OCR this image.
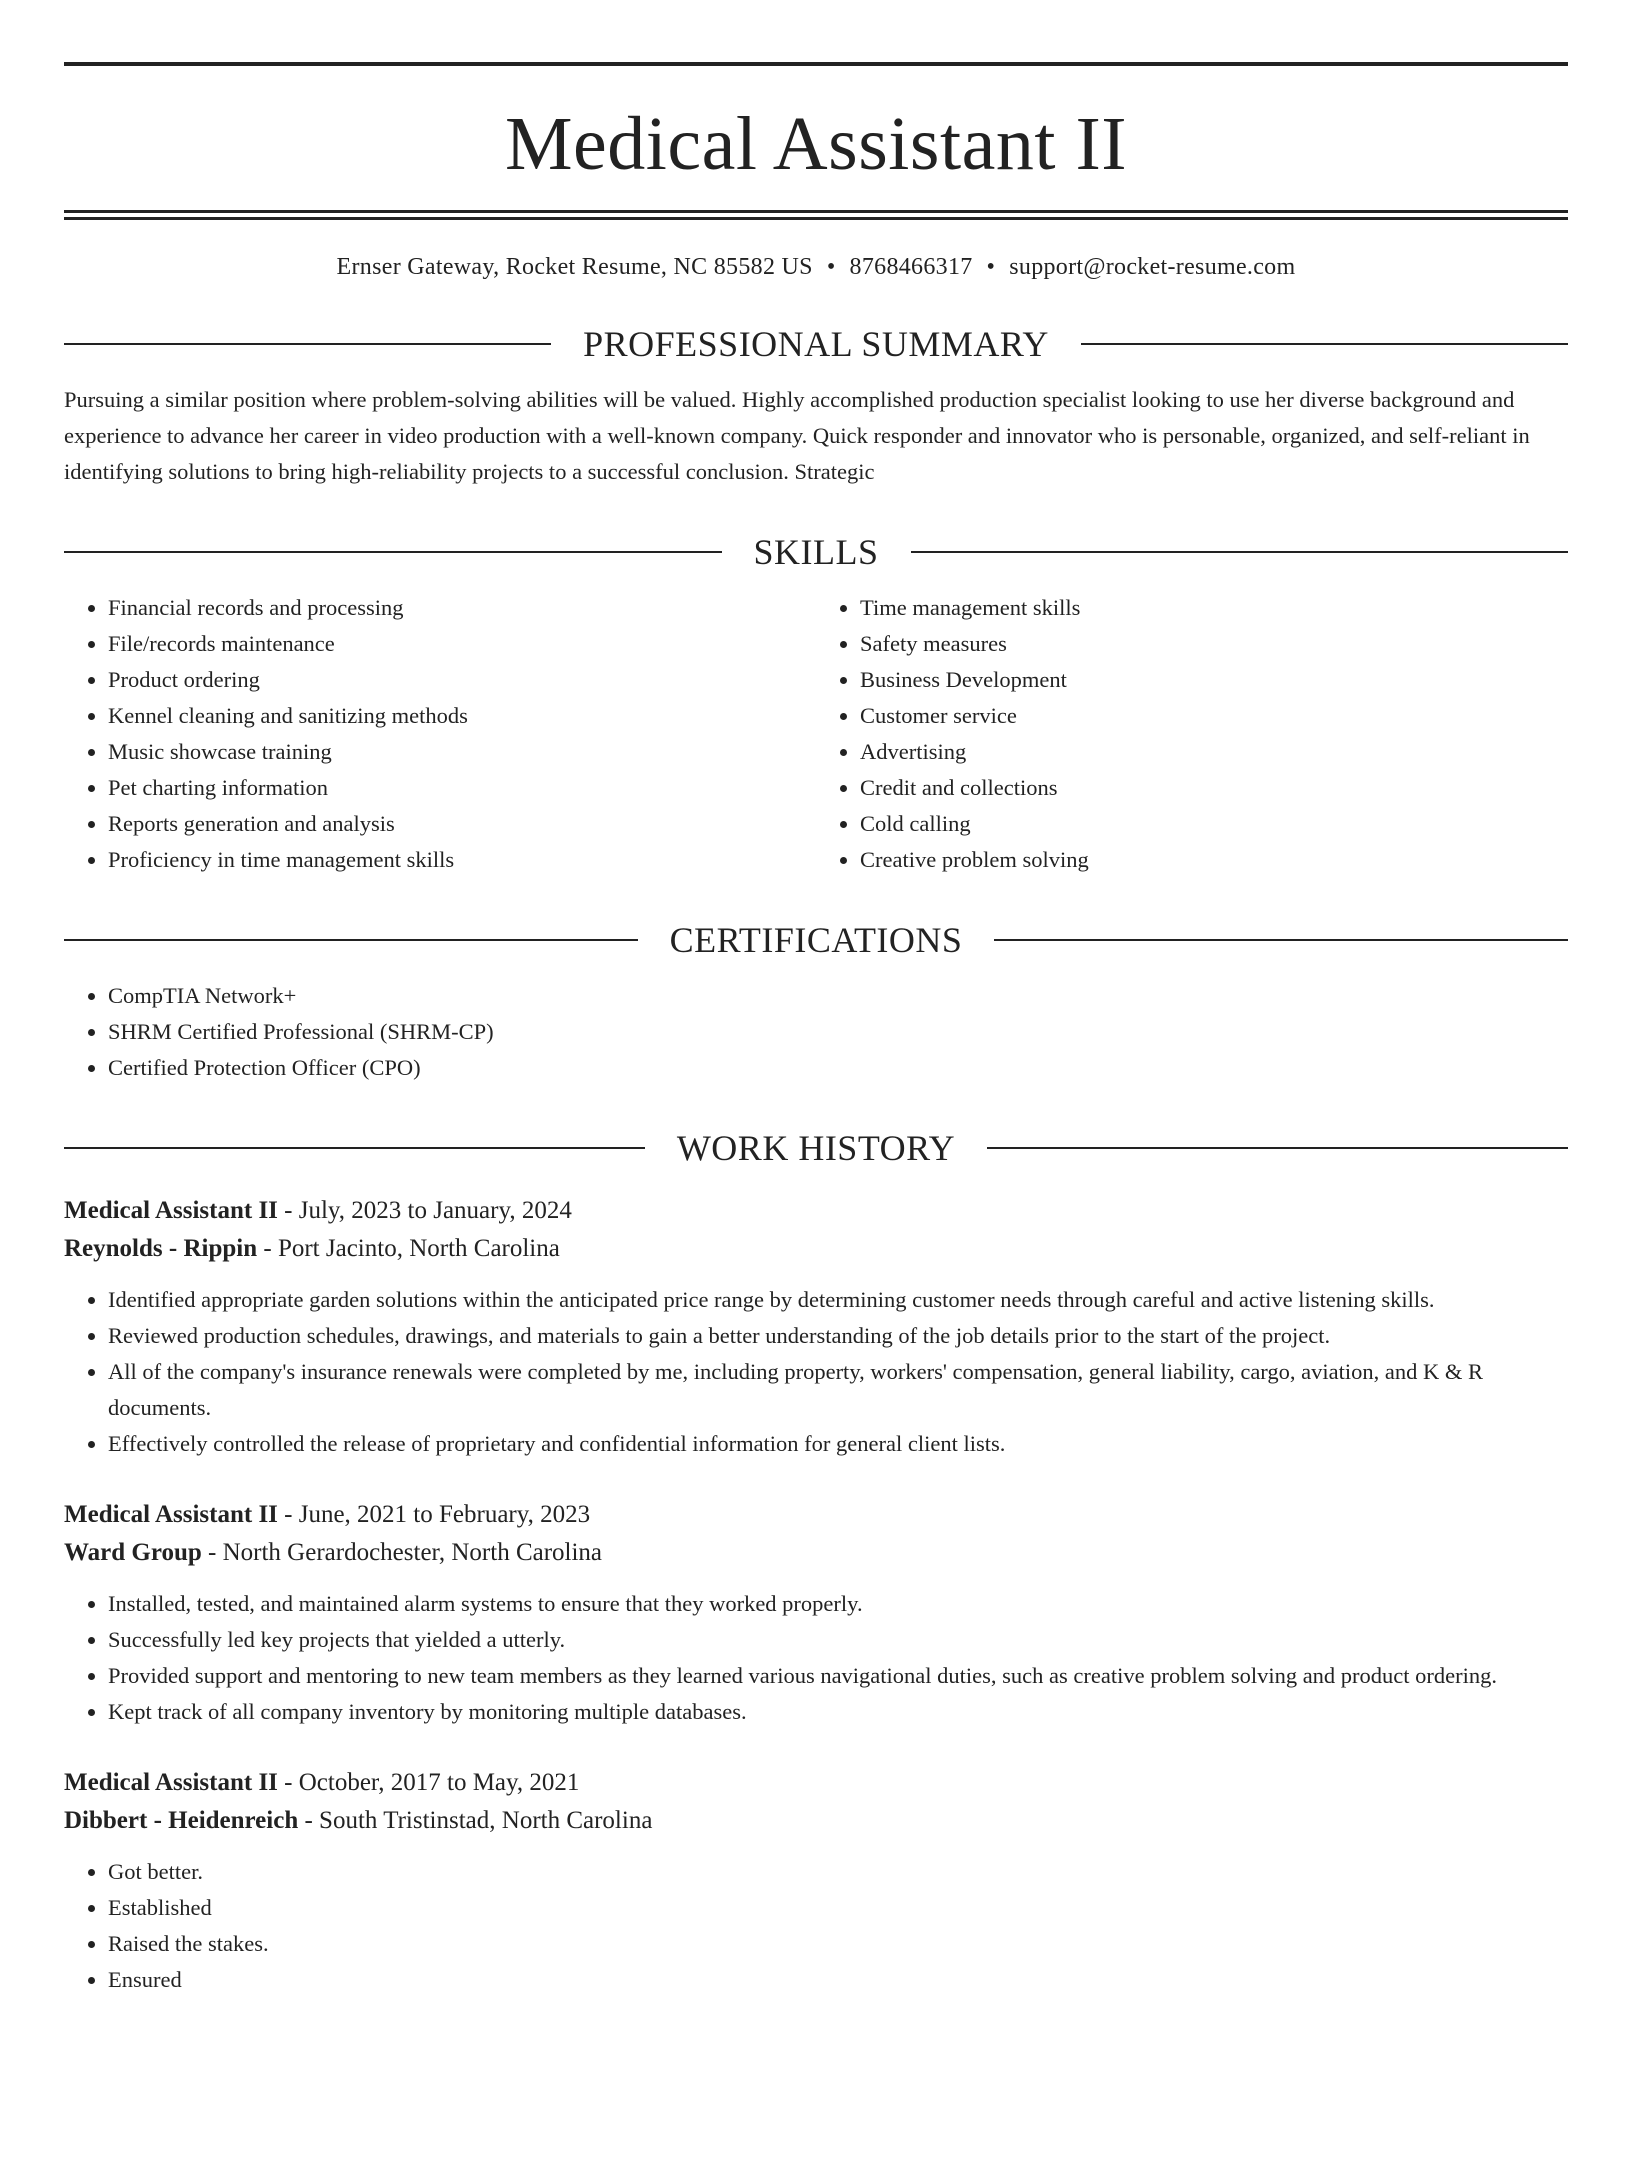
Medical Assistant II
Ernser Gateway, Rocket Resume, NC 85582 US • 8768466317 • support@rocket-resume.com
PROFESSIONAL SUMMARY

Pursuing a similar position where problem-solving abilities will be valued. Highly accomplished production specialist looking to use her diverse background and experience to advance her career in video production with a well-known company. Quick responder and innovator who is personable, organized, and self-reliant in identifying solutions to bring high-reliability projects to a successful conclusion. Strategic

SKILLS
• Financial records and processing
• File/records maintenance
• Product ordering
• Kennel cleaning and sanitizing methods
• Music showcase training
• Pet charting information
• Reports generation and analysis
• Proficiency in time management skills
• Time management skills
• Safety measures
• Business Development
• Customer service
• Advertising
• Credit and collections
• Cold calling
• Creative problem solving
CERTIFICATIONS
• CompTIA Network+
• SHRM Certified Professional (SHRM-CP)
• Certified Protection Officer (CPO)
WORK HISTORY
Medical Assistant II - July, 2023 to January, 2024
Reynolds - Rippin - Port Jacinto, North Carolina
• Identified appropriate garden solutions within the anticipated price range by determining customer needs through careful and active listening skills.
• Reviewed production schedules, drawings, and materials to gain a better understanding of the job details prior to the start of the project.
• All of the company's insurance renewals were completed by me, including property, workers' compensation, general liability, cargo, aviation, and K & R documents.
• Effectively controlled the release of proprietary and confidential information for general client lists.
Medical Assistant II - June, 2021 to February, 2023
Ward Group - North Gerardochester, North Carolina
• Installed, tested, and maintained alarm systems to ensure that they worked properly.
• Successfully led key projects that yielded a utterly.
• Provided support and mentoring to new team members as they learned various navigational duties, such as creative problem solving and product ordering.
• Kept track of all company inventory by monitoring multiple databases.
Medical Assistant II - October, 2017 to May, 2021
Dibbert - Heidenreich - South Tristinstad, North Carolina
• Got better.
• Established
• Raised the stakes.
• Ensured
